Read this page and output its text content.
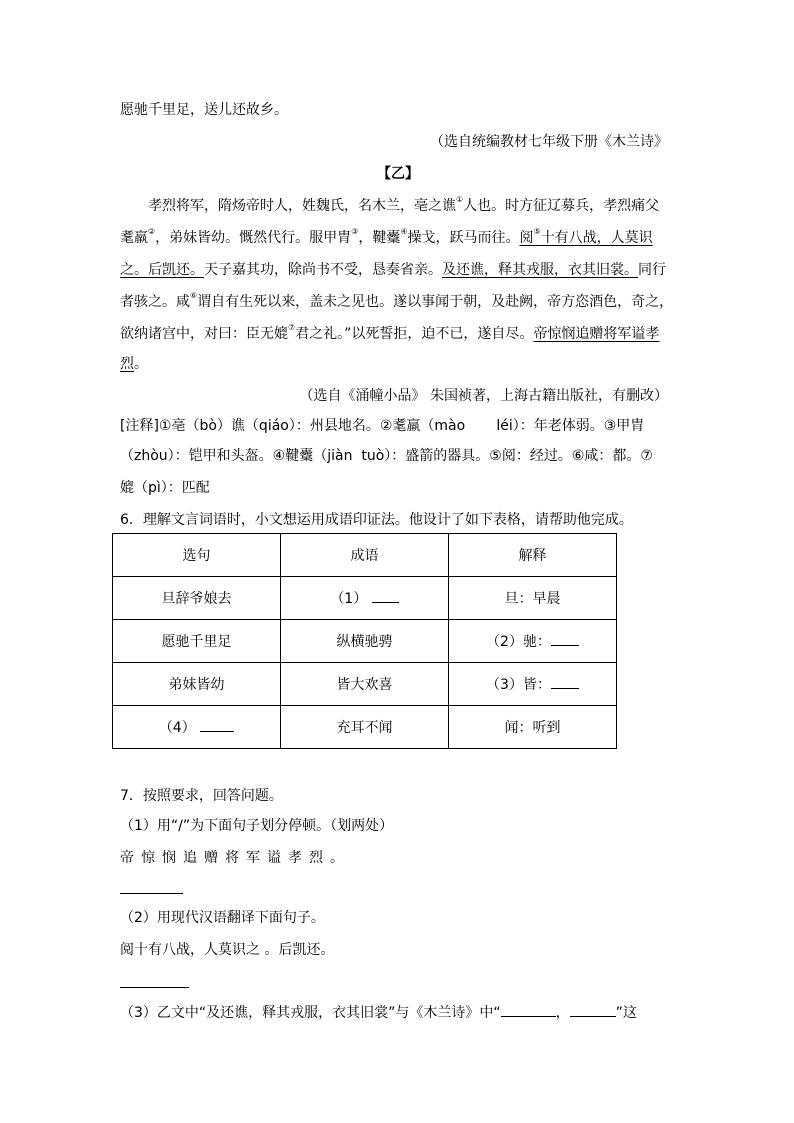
愿驰千里足，送儿还故乡。
（选自统编教材七年级下册《木兰诗》
【乙】
孝烈将军，隋炀帝时人，姓魏氏，名木兰，亳之谯①人也。时方征辽募兵，孝烈痛父
耄羸②，弟妹皆幼。慨然代行。服甲胄③，鞬櫜④操戈，跃马而往。阅⑤十有八战，人莫识
之。后凯还。天子嘉其功，除尚书不受，恳奏省亲。及还谯，释其戎服，衣其旧裳。同行
者骇之。咸⑥谓自有生死以来，盖未之见也。遂以事闻于朝，及赴阙，帝方恣酒色，奇之，
欲纳诸宫中，对曰：臣无媲⑦君之礼。”以死誓拒，迫不已，遂自尽。帝惊悯追赠将军谥孝
烈。
（选自《涌幢小品》 朱国祯著，上海古籍出版社，有删改）
[注释]①亳（bò）谯（qiáo）：州县地名。②耄羸（mào       léi）：年老体弱。③甲胄
（zhòu）：铠甲和头盔。④鞬櫜（jiàn  tuò）：盛箭的器具。⑤阅：经过。⑥咸：都。⑦
媲（pì）：匹配
6．理解文言词语时，小文想运用成语印证法。他设计了如下表格，请帮助他完成。
选句	成语	解释
旦辞爷娘去	（1）	旦：早晨
愿驰千里足	纵横驰骋	（2）驰：
弟妹皆幼	皆大欢喜	（3）皆：
（4）	充耳不闻	闻：听到
7．按照要求，回答问题。
（1）用“/”为下面句子划分停顿。（划两处）
帝惊悯追赠将军谥孝烈。
（2）用现代汉语翻译下面句子。
阅十有八战，人莫识之 。后凯还。
（3）乙文中“及还谯，释其戎服，衣其旧裳”与《木兰诗》中“	，	”这
